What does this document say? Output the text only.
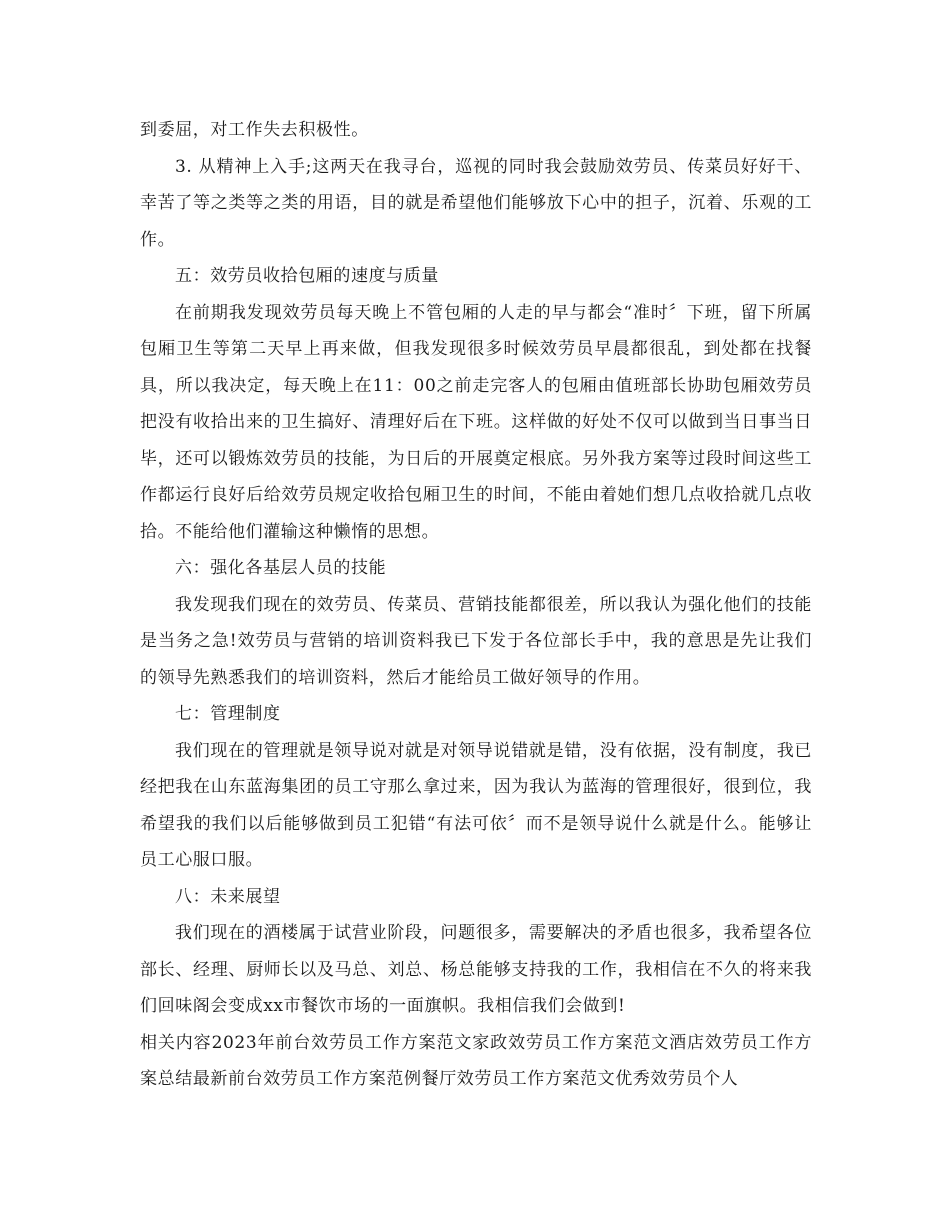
到委屈，对工作失去积极性。

3. 从精神上入手;这两天在我寻台，巡视的同时我会鼓励效劳员、传菜员好好干、幸苦了等之类等之类的用语，目的就是希望他们能够放下心中的担子，沉着、乐观的工作。

五：效劳员收拾包厢的速度与质量

在前期我发现效劳员每天晚上不管包厢的人走的早与都会“准时〞下班，留下所属包厢卫生等第二天早上再来做，但我发现很多时候效劳员早晨都很乱，到处都在找餐具，所以我决定，每天晚上在11：00之前走完客人的包厢由值班部长协助包厢效劳员把没有收拾出来的卫生搞好、清理好后在下班。这样做的好处不仅可以做到当日事当日毕，还可以锻炼效劳员的技能，为日后的开展奠定根底。另外我方案等过段时间这些工作都运行良好后给效劳员规定收拾包厢卫生的时间，不能由着她们想几点收拾就几点收拾。不能给他们灌输这种懒惰的思想。

六：强化各基层人员的技能

我发现我们现在的效劳员、传菜员、营销技能都很差，所以我认为强化他们的技能是当务之急!效劳员与营销的培训资料我已下发于各位部长手中，我的意思是先让我们的领导先熟悉我们的培训资料，然后才能给员工做好领导的作用。

七：管理制度

我们现在的管理就是领导说对就是对领导说错就是错，没有依据，没有制度，我已经把我在山东蓝海集团的员工守那么拿过来，因为我认为蓝海的管理很好，很到位，我希望我的我们以后能够做到员工犯错“有法可依〞而不是领导说什么就是什么。能够让员工心服口服。

八：未来展望

我们现在的酒楼属于试营业阶段，问题很多，需要解决的矛盾也很多，我希望各位部长、经理、厨师长以及马总、刘总、杨总能够支持我的工作，我相信在不久的将来我们回味阁会变成xx市餐饮市场的一面旗帜。我相信我们会做到!

相关内容2023年前台效劳员工作方案范文家政效劳员工作方案范文酒店效劳员工作方案总结最新前台效劳员工作方案范例餐厅效劳员工作方案范文优秀效劳员个人
